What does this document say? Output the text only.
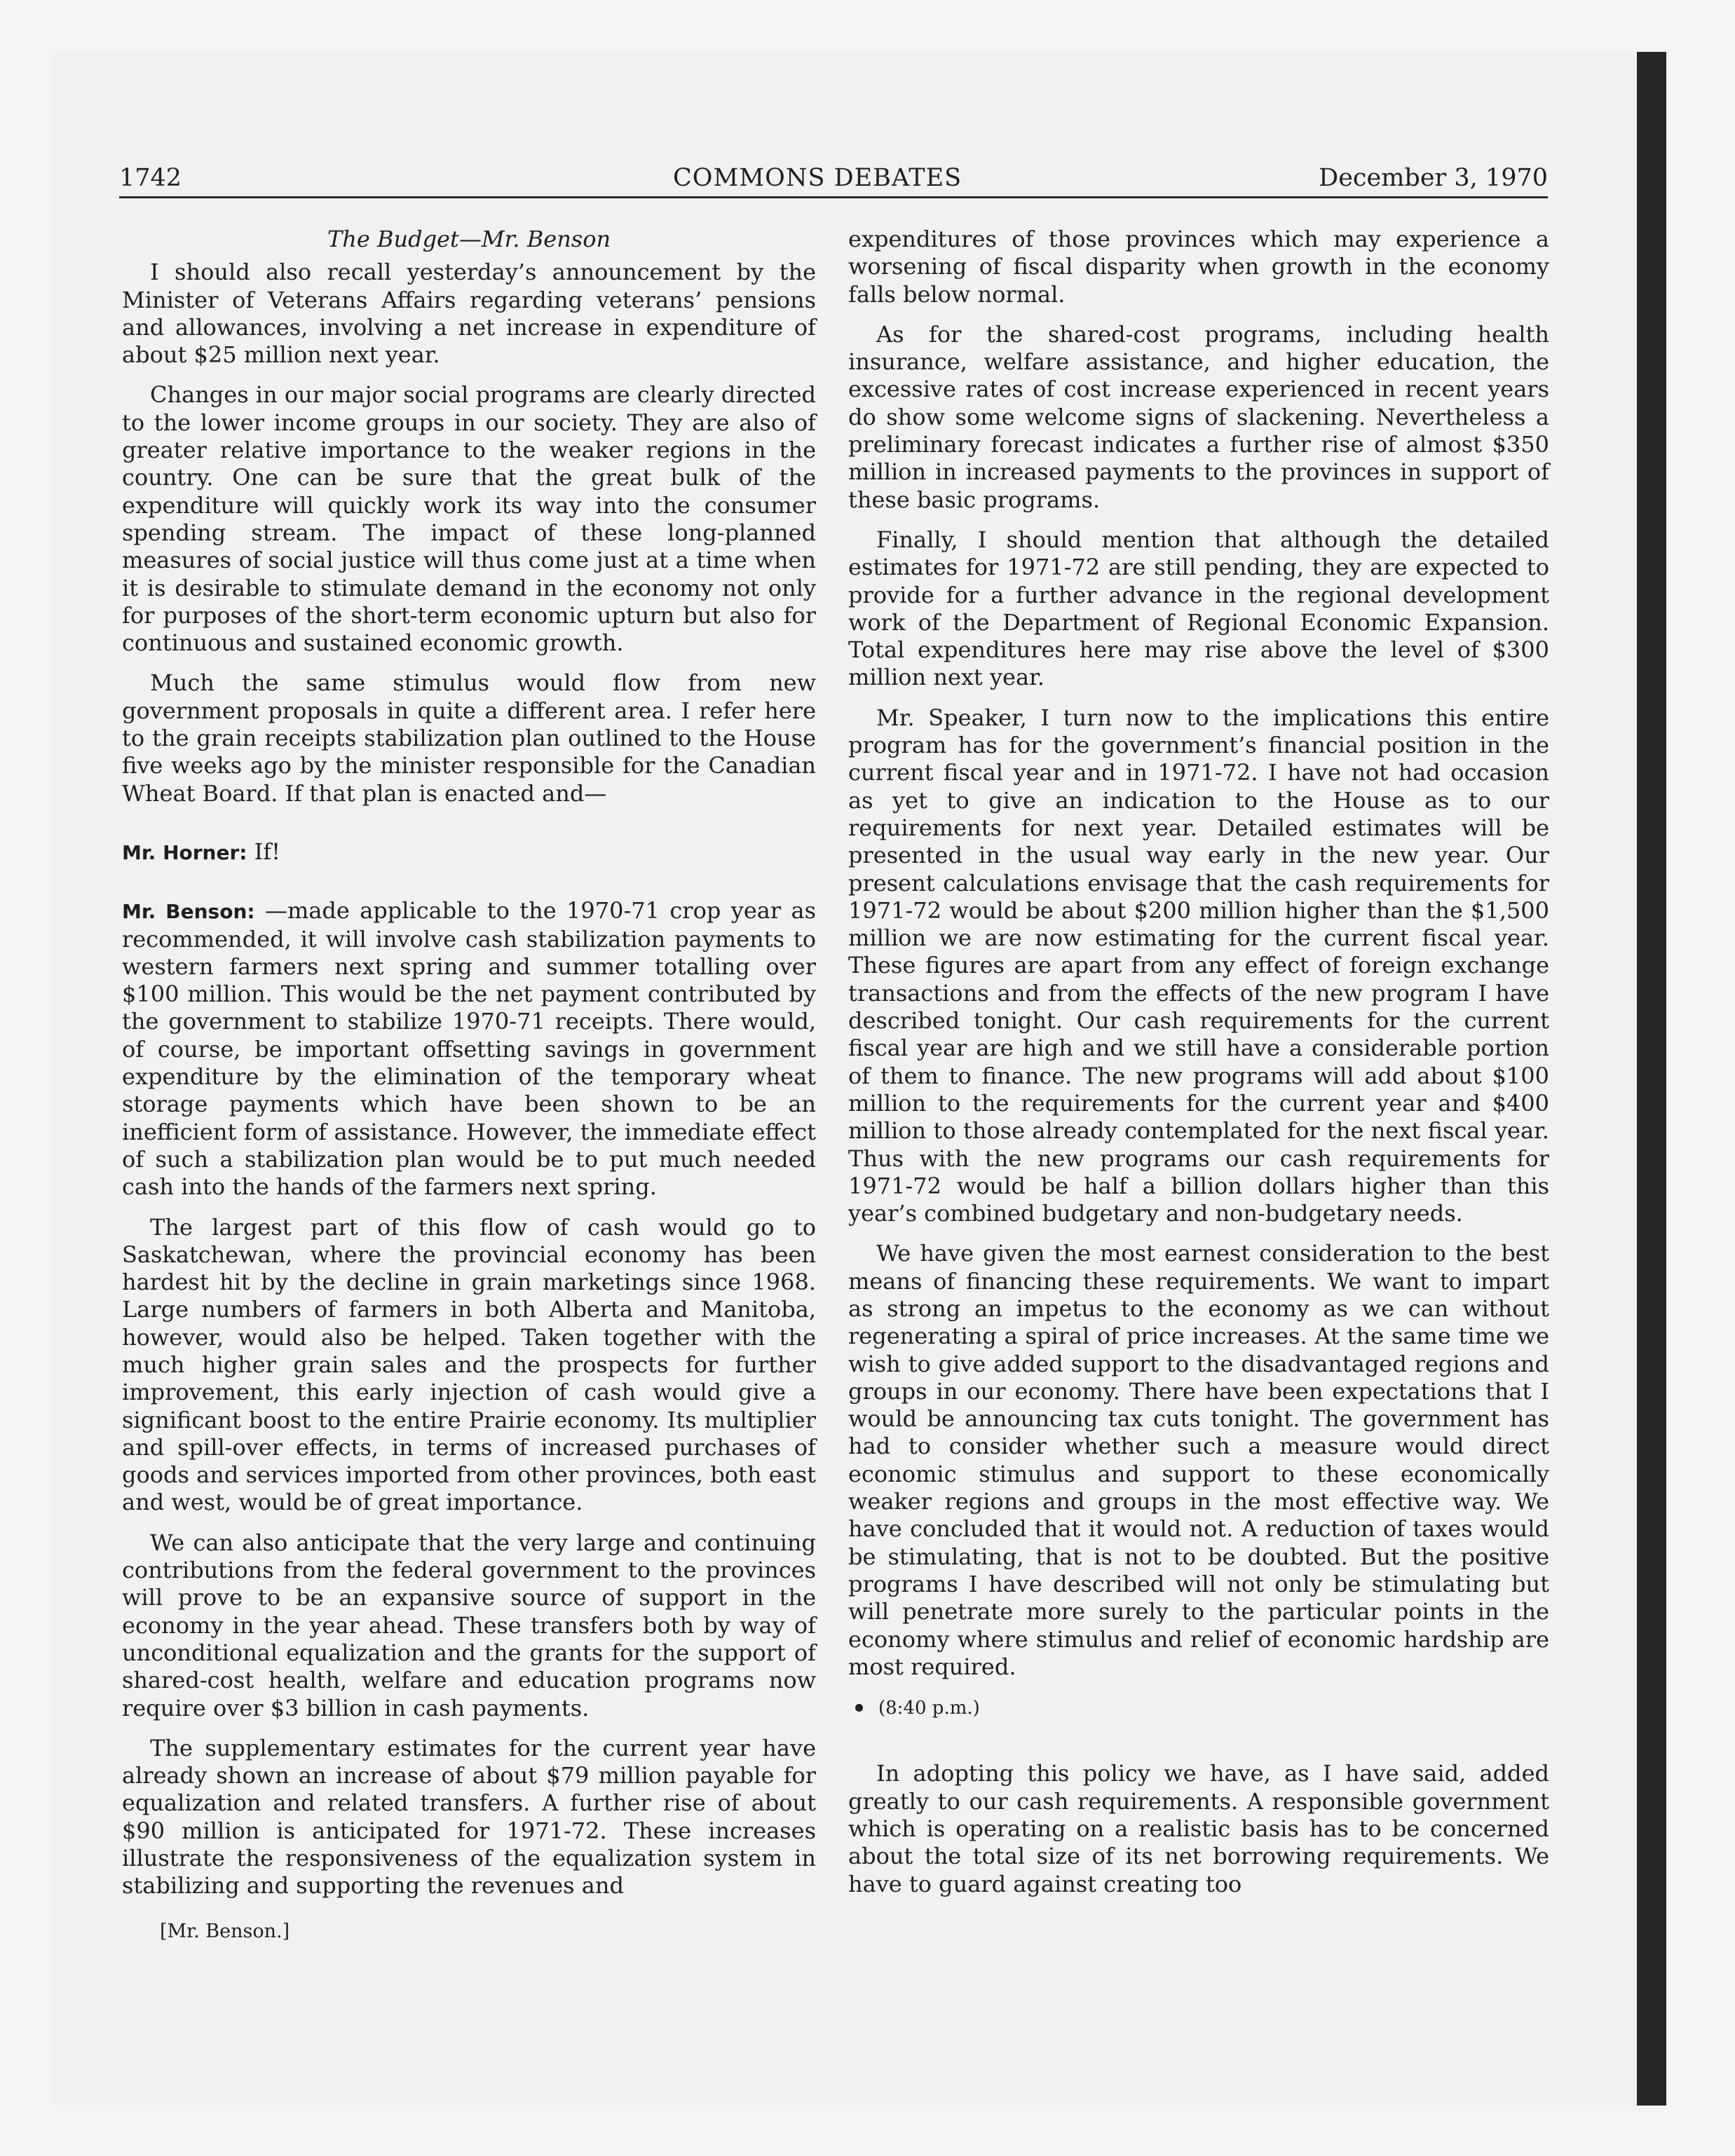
1742	COMMONS DEBATES	December 3, 1970
The Budget—Mr. Benson

I should also recall yesterday’s announcement by the Minister of Veterans Affairs regarding veterans’ pensions and allowances, involving a net increase in expenditure of about $25 million next year.

Changes in our major social programs are clearly directed to the lower income groups in our society. They are also of greater relative importance to the weaker regions in the country. One can be sure that the great bulk of the expenditure will quickly work its way into the consumer spending stream. The impact of these long-planned measures of social justice will thus come just at a time when it is desirable to stimulate demand in the economy not only for purposes of the short-term economic upturn but also for continuous and sustained economic growth.

Much the same stimulus would flow from new government proposals in quite a different area. I refer here to the grain receipts stabilization plan outlined to the House five weeks ago by the minister responsible for the Canadian Wheat Board. If that plan is enacted and—

Mr. Horner: If!

Mr. Benson: —made applicable to the 1970-71 crop year as recommended, it will involve cash stabilization payments to western farmers next spring and summer totalling over $100 million. This would be the net payment contributed by the government to stabilize 1970-71 receipts. There would, of course, be important offsetting savings in government expenditure by the elimination of the temporary wheat storage payments which have been shown to be an inefficient form of assistance. However, the immediate effect of such a stabilization plan would be to put much needed cash into the hands of the farmers next spring.

The largest part of this flow of cash would go to Saskatchewan, where the provincial economy has been hardest hit by the decline in grain marketings since 1968. Large numbers of farmers in both Alberta and Manitoba, however, would also be helped. Taken together with the much higher grain sales and the prospects for further improvement, this early injection of cash would give a significant boost to the entire Prairie economy. Its multiplier and spill-over effects, in terms of increased purchases of goods and services imported from other provinces, both east and west, would be of great importance.

We can also anticipate that the very large and continuing contributions from the federal government to the provinces will prove to be an expansive source of support in the economy in the year ahead. These transfers both by way of unconditional equalization and the grants for the support of shared-cost health, welfare and education programs now require over $3 billion in cash payments.

The supplementary estimates for the current year have already shown an increase of about $79 million payable for equalization and related transfers. A further rise of about $90 million is anticipated for 1971-72. These increases illustrate the responsiveness of the equalization system in stabilizing and supporting the revenues and

expenditures of those provinces which may experience a worsening of fiscal disparity when growth in the economy falls below normal.

As for the shared-cost programs, including health insurance, welfare assistance, and higher education, the excessive rates of cost increase experienced in recent years do show some welcome signs of slackening. Nevertheless a preliminary forecast indicates a further rise of almost $350 million in increased payments to the provinces in support of these basic programs.

Finally, I should mention that although the detailed estimates for 1971-72 are still pending, they are expected to provide for a further advance in the regional development work of the Department of Regional Economic Expansion. Total expenditures here may rise above the level of $300 million next year.

Mr. Speaker, I turn now to the implications this entire program has for the government’s financial position in the current fiscal year and in 1971-72. I have not had occasion as yet to give an indication to the House as to our requirements for next year. Detailed estimates will be presented in the usual way early in the new year. Our present calculations envisage that the cash requirements for 1971-72 would be about $200 million higher than the $1,500 million we are now estimating for the current fiscal year. These figures are apart from any effect of foreign exchange transactions and from the effects of the new program I have described tonight. Our cash requirements for the current fiscal year are high and we still have a considerable portion of them to finance. The new programs will add about $100 million to the requirements for the current year and $400 million to those already contemplated for the next fiscal year. Thus with the new programs our cash requirements for 1971-72 would be half a billion dollars higher than this year’s combined budgetary and non-budgetary needs.

We have given the most earnest consideration to the best means of financing these requirements. We want to impart as strong an impetus to the economy as we can without regenerating a spiral of price increases. At the same time we wish to give added support to the disadvantaged regions and groups in our economy. There have been expectations that I would be announcing tax cuts tonight. The government has had to consider whether such a measure would direct economic stimulus and support to these economically weaker regions and groups in the most effective way. We have concluded that it would not. A reduction of taxes would be stimulating, that is not to be doubted. But the positive programs I have described will not only be stimulating but will penetrate more surely to the particular points in the economy where stimulus and relief of economic hardship are most required.

(8:40 p.m.)

In adopting this policy we have, as I have said, added greatly to our cash requirements. A responsible government which is operating on a realistic basis has to be concerned about the total size of its net borrowing requirements. We have to guard against creating too

[Mr. Benson.]
